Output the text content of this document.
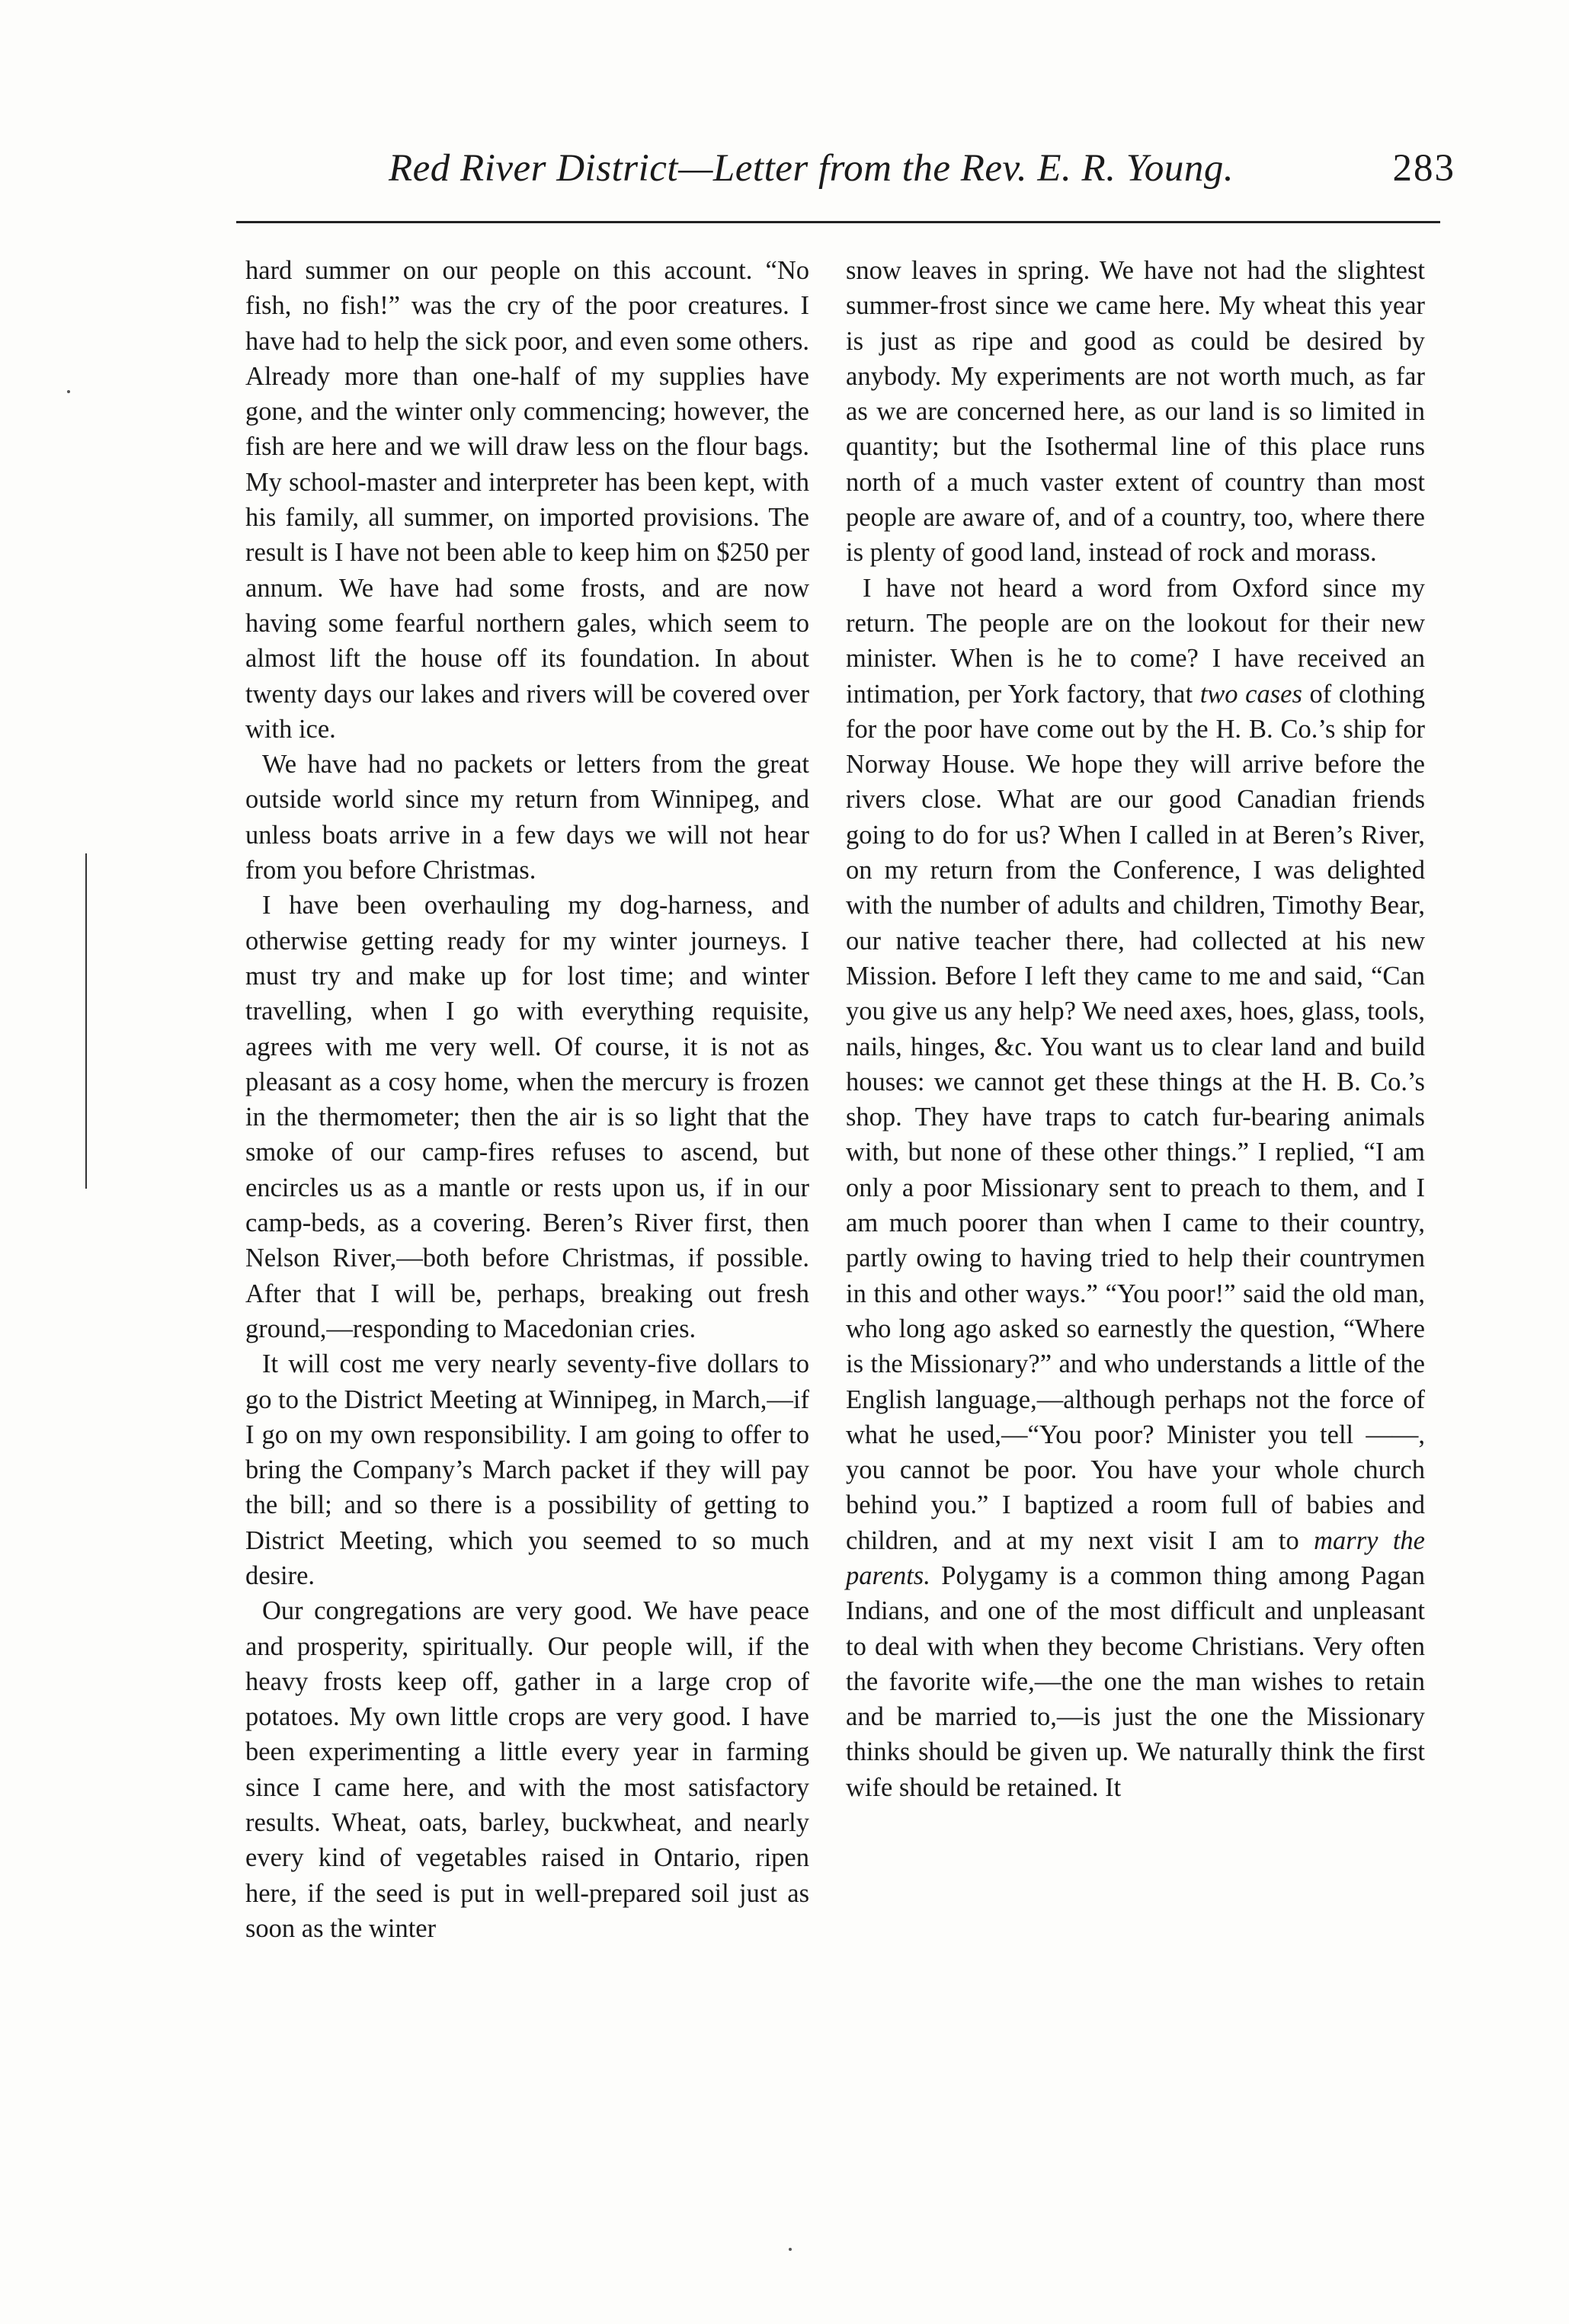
Red River District—Letter from the Rev. E. R. Young.	283

hard summer on our people on this account. “No fish, no fish!” was the cry of the poor creatures. I have had to help the sick poor, and even some others. Already more than one-half of my supplies have gone, and the winter only commencing; however, the fish are here and we will draw less on the flour bags. My school-master and interpreter has been kept, with his family, all summer, on imported provisions. The result is I have not been able to keep him on $250 per annum. We have had some frosts, and are now having some fearful northern gales, which seem to almost lift the house off its foundation. In about twenty days our lakes and rivers will be covered over with ice.

We have had no packets or letters from the great outside world since my return from Winnipeg, and unless boats arrive in a few days we will not hear from you before Christmas.

I have been overhauling my dog-harness, and otherwise getting ready for my winter journeys. I must try and make up for lost time; and winter travelling, when I go with everything requisite, agrees with me very well. Of course, it is not as pleasant as a cosy home, when the mercury is frozen in the thermometer; then the air is so light that the smoke of our camp-fires refuses to ascend, but encircles us as a mantle or rests upon us, if in our camp-beds, as a covering. Beren’s River first, then Nelson River,—both before Christmas, if possible. After that I will be, perhaps, breaking out fresh ground,—responding to Macedonian cries.

It will cost me very nearly seventy-five dollars to go to the District Meeting at Winnipeg, in March,—if I go on my own responsibility. I am going to offer to bring the Company’s March packet if they will pay the bill; and so there is a possibility of getting to District Meeting, which you seemed to so much desire.

Our congregations are very good. We have peace and prosperity, spiritually. Our people will, if the heavy frosts keep off, gather in a large crop of potatoes. My own little crops are very good. I have been experimenting a little every year in farming since I came here, and with the most satisfactory results. Wheat, oats, barley, buckwheat, and nearly every kind of vegetables raised in Ontario, ripen here, if the seed is put in well-prepared soil just as soon as the winter

snow leaves in spring. We have not had the slightest summer-frost since we came here. My wheat this year is just as ripe and good as could be desired by anybody. My experiments are not worth much, as far as we are concerned here, as our land is so limited in quantity; but the Isothermal line of this place runs north of a much vaster extent of country than most people are aware of, and of a country, too, where there is plenty of good land, instead of rock and morass.

I have not heard a word from Oxford since my return. The people are on the lookout for their new minister. When is he to come? I have received an intimation, per York factory, that two cases of clothing for the poor have come out by the H. B. Co.’s ship for Norway House. We hope they will arrive before the rivers close. What are our good Canadian friends going to do for us? When I called in at Beren’s River, on my return from the Conference, I was delighted with the number of adults and children, Timothy Bear, our native teacher there, had collected at his new Mission. Before I left they came to me and said, “Can you give us any help? We need axes, hoes, glass, tools, nails, hinges, &c. You want us to clear land and build houses: we cannot get these things at the H. B. Co.’s shop. They have traps to catch fur-bearing animals with, but none of these other things.” I replied, “I am only a poor Missionary sent to preach to them, and I am much poorer than when I came to their country, partly owing to having tried to help their countrymen in this and other ways.” “You poor!” said the old man, who long ago asked so earnestly the question, “Where is the Missionary?” and who understands a little of the English language,—although perhaps not the force of what he used,—“You poor? Minister you tell ——, you cannot be poor. You have your whole church behind you.” I baptized a room full of babies and children, and at my next visit I am to marry the parents. Polygamy is a common thing among Pagan Indians, and one of the most difficult and unpleasant to deal with when they become Christians. Very often the favorite wife,—the one the man wishes to retain and be married to,—is just the one the Missionary thinks should be given up. We naturally think the first wife should be retained. It
